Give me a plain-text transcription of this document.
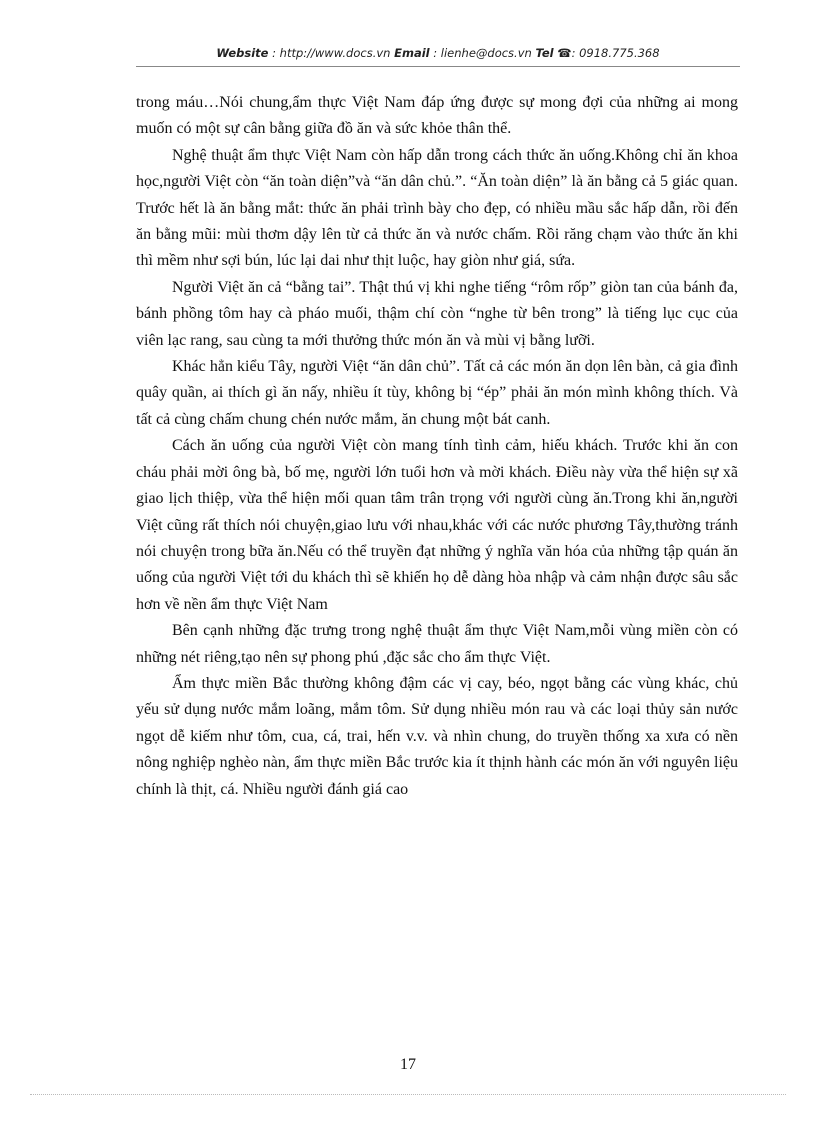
Website : http://www.docs.vn Email : lienhe@docs.vn Tel ☎: 0918.775.368

trong máu…Nói chung,ẩm thực Việt Nam đáp ứng được sự mong đợi của những ai mong muốn có một sự cân bằng giữa đồ ăn và sức khỏe thân thể.

Nghệ thuật ẩm thực Việt Nam còn hấp dẫn trong cách thức ăn uống.Không chỉ ăn khoa học,người Việt còn “ăn toàn diện”và “ăn dân chủ.”. “Ăn toàn diện” là ăn bằng cả 5 giác quan. Trước hết là ăn bằng mắt: thức ăn phải trình bày cho đẹp, có nhiều mầu sắc hấp dẫn, rồi đến ăn bằng mũi: mùi thơm dậy lên từ cả thức ăn và nước chấm. Rồi răng chạm vào thức ăn khi thì mềm như sợi bún, lúc lại dai như thịt luộc, hay giòn như giá, sứa.

Người Việt ăn cả “bằng tai”. Thật thú vị khi nghe tiếng “rôm rốp” giòn tan của bánh đa, bánh phồng tôm hay cà pháo muối, thậm chí còn “nghe từ bên trong” là tiếng lục cục của viên lạc rang, sau cùng ta mới thưởng thức món ăn và mùi vị bằng lưỡi.

Khác hẳn kiểu Tây, người Việt “ăn dân chủ”. Tất cả các món ăn dọn lên bàn, cả gia đình quây quần, ai thích gì ăn nấy, nhiều ít tùy, không bị “ép” phải ăn món mình không thích. Và tất cả cùng chấm chung chén nước mắm, ăn chung một bát canh.

Cách ăn uống của người Việt còn mang tính tình cảm, hiếu khách. Trước khi ăn con cháu phải mời ông bà, bố mẹ, người lớn tuổi hơn và mời khách. Điều này vừa thể hiện sự xã giao lịch thiệp, vừa thể hiện mối quan tâm trân trọng với người cùng ăn.Trong khi ăn,người Việt cũng rất thích nói chuyện,giao lưu với nhau,khác với các nước phương Tây,thường tránh nói chuyện trong bữa ăn.Nếu có thể truyền đạt những ý nghĩa văn hóa của những tập quán ăn uống của người Việt tới du khách thì sẽ khiến họ dễ dàng hòa nhập và cảm nhận được sâu sắc hơn về nền ẩm thực Việt Nam

Bên cạnh những đặc trưng trong nghệ thuật ẩm thực Việt Nam,mỗi vùng miền còn có những nét riêng,tạo nên sự phong phú ,đặc sắc cho ẩm thực Việt.

Ẩm thực miền Bắc thường không đậm các vị cay, béo, ngọt bằng các vùng khác, chủ yếu sử dụng nước mắm loãng, mắm tôm. Sử dụng nhiều món rau và các loại thủy sản nước ngọt dễ kiếm như tôm, cua, cá, trai, hến v.v. và nhìn chung, do truyền thống xa xưa có nền nông nghiệp nghèo nàn, ẩm thực miền Bắc trước kia ít thịnh hành các món ăn với nguyên liệu chính là thịt, cá. Nhiều người đánh giá cao

17
